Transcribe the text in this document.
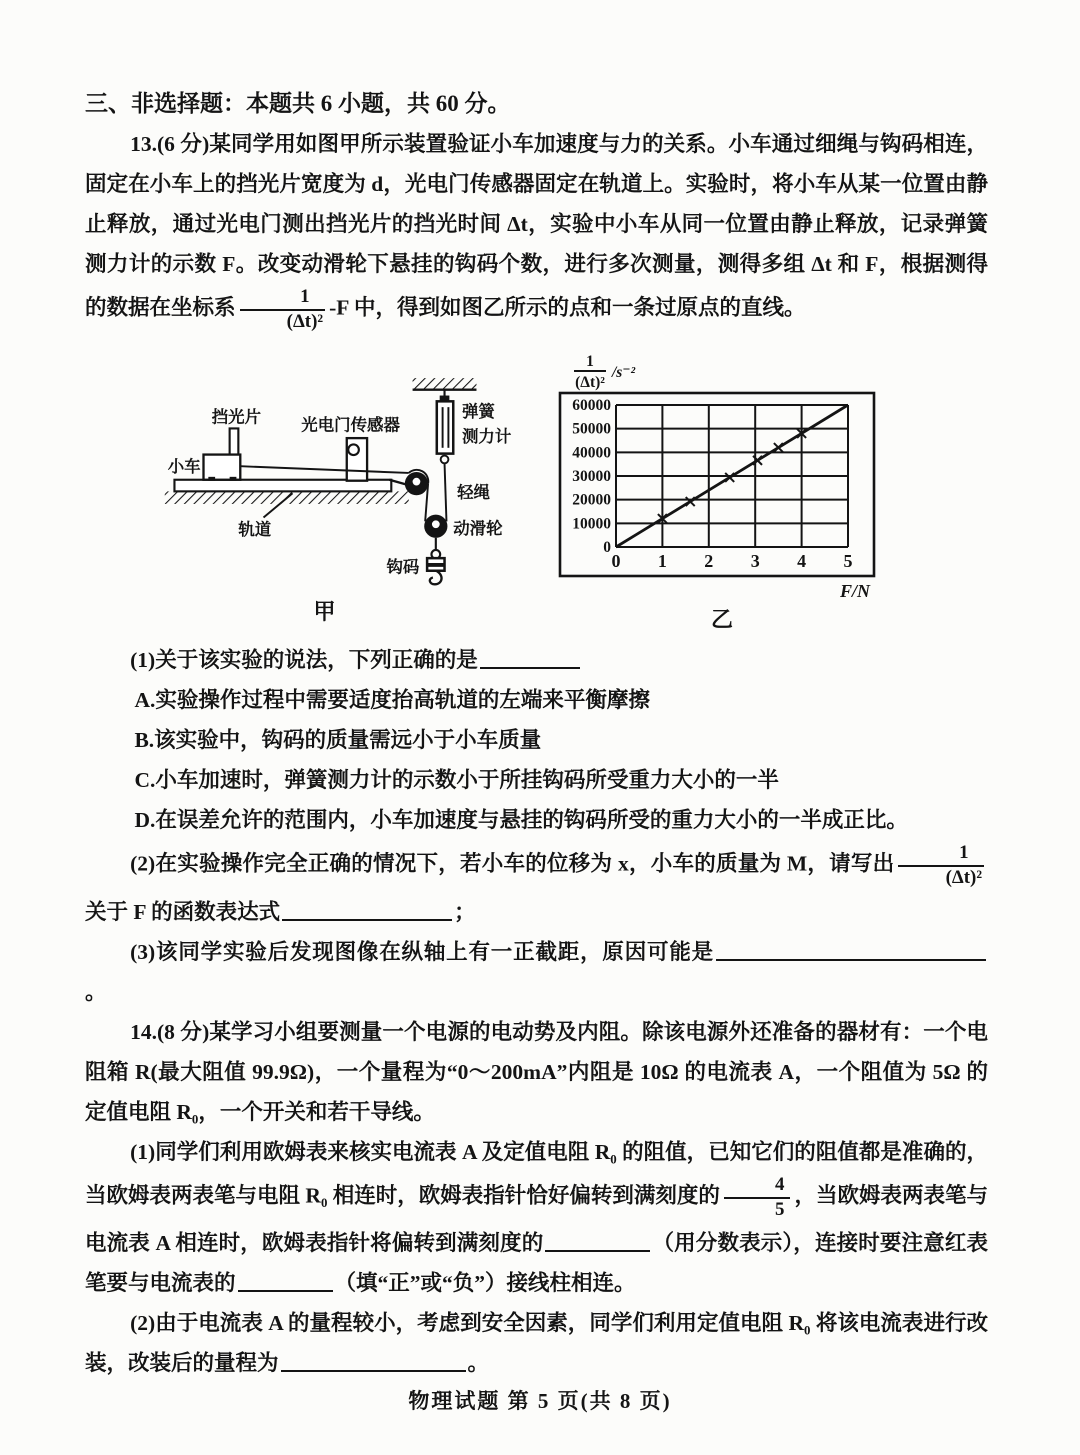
三、非选择题：本题共 6 小题，共 60 分。

13.(6 分)某同学用如图甲所示装置验证小车加速度与力的关系。小车通过细绳与钩码相连，固定在小车上的挡光片宽度为 d，光电门传感器固定在轨道上。实验时，将小车从某一位置由静止释放，通过光电门测出挡光片的挡光时间 Δt，实验中小车从同一位置由静止释放，记录弹簧测力计的示数 F。改变动滑轮下悬挂的钩码个数，进行多次测量，测得多组 Δt 和 F，根据测得的数据在坐标系 $\frac{1}{\text{(Δt)²}} -F$ 中，得到如图乙所示的点和一条过原点的直线。

挡光片 光电门传感器
小车
轨道
弹簧
测力计
轻绳
动滑轮
钩码
甲
1
(Δt)²
/s⁻²
F/N
0 1 2 3 4 5
0
10000
20000
30000
40000
50000
60000
乙

(1)关于该实验的说法，下列正确的是

A.实验操作过程中需要适度抬高轨道的左端来平衡摩擦
B.该实验中，钩码的质量需远小于小车质量
C.小车加速时，弹簧测力计的示数小于所挂钩码所受重力大小的一半
D.在误差允许的范围内，小车加速度与悬挂的钩码所受的重力大小的一半成正比。

(2)在实验操作完全正确的情况下，若小车的位移为 x，小车的质量为 M，请写出 $\frac{1}{\text{(Δt)²}}$
关于 F 的函数表达式	；

(3)该同学实验后发现图像在纵轴上有一正截距，原因可能是。

14.(8 分)某学习小组要测量一个电源的电动势及内阻。除该电源外还准备的器材有：一个电阻箱 R(最大阻值 99.9Ω)，一个量程为“0～200mA”内阻是 10Ω 的电流表 A，一个阻值为 5Ω 的定值电阻 R₀，一个开关和若干导线。

(1)同学们利用欧姆表来核实电流表 A 及定值电阻 R₀ 的阻值，已知它们的阻值都是准确的，当欧姆表两表笔与电阻 R₀ 相连时，欧姆表指针恰好偏转到满刻度的 $\frac{4}{5}$ ，当欧姆表两表笔与电流表 A 相连时，欧姆表指针将偏转到满刻度的	（用分数表示），连接时要注意红表笔要与电流表的	（填“正”或“负”）接线柱相连。

(2)由于电流表 A 的量程较小，考虑到安全因素，同学们利用定值电阻 R₀ 将该电流表进行改装，改装后的量程为	。

物理试题 第 5 页(共 8 页)
